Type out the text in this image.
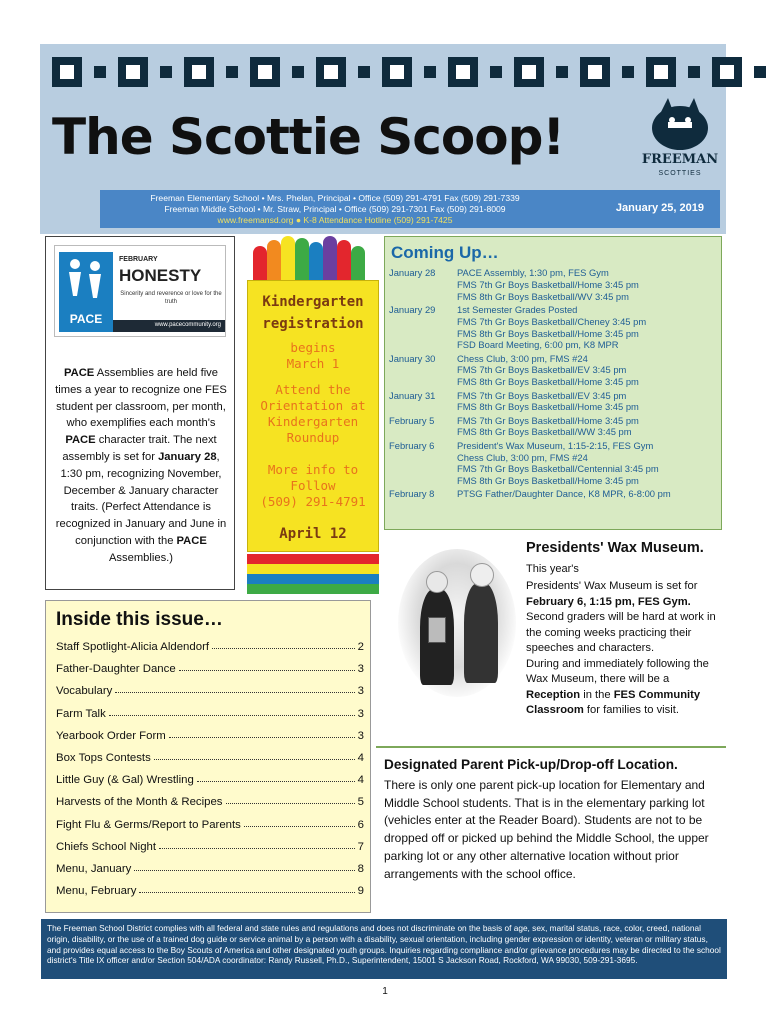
The Scottie Scoop!	FREEMAN
SCOTTIES
Freeman Elementary School • Mrs. Phelan, Principal • Office (509) 291-4791 Fax (509) 291-7339
Freeman Middle School • Mr. Straw, Principal • Office (509) 291-7301 Fax (509) 291-8009
www.freemansd.org ● K-8 Attendance Hotline (509) 291-7425
January 25, 2019
PACE
FEBRUARY
HONESTY
Sincerity and reverence or love for the truth
www.pacecommunity.org
PACE Assemblies are held five times a year to recognize one FES student per classroom, per month, who exemplifies each month's PACE character trait. The next assembly is set for January 28, 1:30 pm, recognizing November, December & January character traits. (Perfect Attendance is recognized in January and June in conjunction with the PACE Assemblies.)
Kindergarten
registration
begins
March 1
Attend the
Orientation at
Kindergarten
Roundup
More info to
Follow
(509) 291-4791
April 12
Coming Up…
January 28 PACE Assembly, 1:30 pm, FES Gym
FMS 7th Gr Boys Basketball/Home 3:45 pm
FMS 8th Gr Boys Basketball/WV 3:45 pm
January 29 1st Semester Grades Posted
FMS 7th Gr Boys Basketball/Cheney 3:45 pm
FMS 8th Gr Boys Basketball/Home 3:45 pm
FSD Board Meeting, 6:00 pm, K8 MPR
January 30 Chess Club, 3:00 pm, FMS #24
FMS 7th Gr Boys Basketball/EV 3:45 pm
FMS 8th Gr Boys Basketball/Home 3:45 pm
January 31 FMS 7th Gr Boys Basketball/EV 3:45 pm
FMS 8th Gr Boys Basketball/Home 3:45 pm
February 5 FMS 7th Gr Boys Basketball/Home 3:45 pm
FMS 8th Gr Boys Basketball/WW 3:45 pm
February 6 President's Wax Museum, 1:15-2:15, FES Gym
Chess Club, 3:00 pm, FMS #24
FMS 7th Gr Boys Basketball/Centennial 3:45 pm
FMS 8th Gr Boys Basketball/Home 3:45 pm
February 8 PTSG Father/Daughter Dance, K8 MPR, 6-8:00 pm
Presidents' Wax Museum. This year's
Presidents' Wax Museum is set for February 6, 1:15 pm, FES Gym. Second graders will be hard at work in the coming weeks practicing their speeches and characters.
During and immediately following the Wax Museum, there will be a Reception in the FES Community Classroom for families to visit.
Inside this issue…
Staff Spotlight-Alicia Aldendorf	2
Father-Daughter Dance	3
Vocabulary	3
Farm Talk	3
Yearbook Order Form	3
Box Tops Contests	4
Little Guy (& Gal) Wrestling	4
Harvests of the Month & Recipes	5
Fight Flu & Germs/Report to Parents	6
Chiefs School Night	7
Menu, January	8
Menu, February	9
Designated Parent Pick-up/Drop-off Location.
There is only one parent pick-up location for Elementary and Middle School students. That is in the elementary parking lot (vehicles enter at the Reader Board). Students are not to be dropped off or picked up behind the Middle School, the upper parking lot or any other alternative location without prior arrangements with the school office.
The Freeman School District complies with all federal and state rules and regulations and does not discriminate on the basis of age, sex, marital status, race, color, creed, national origin, disability, or the use of a trained dog guide or service animal by a person with a disability, sexual orientation, including gender expression or identity, veteran or military status, and provides equal access to the Boy Scouts of America and other designated youth groups. Inquiries regarding compliance and/or grievance procedures may be directed to the school district's Title IX officer and/or Section 504/ADA coordinator: Randy Russell, Ph.D., Superintendent, 15001 S Jackson Road, Rockford, WA 99030, 509-291-3695.
1
